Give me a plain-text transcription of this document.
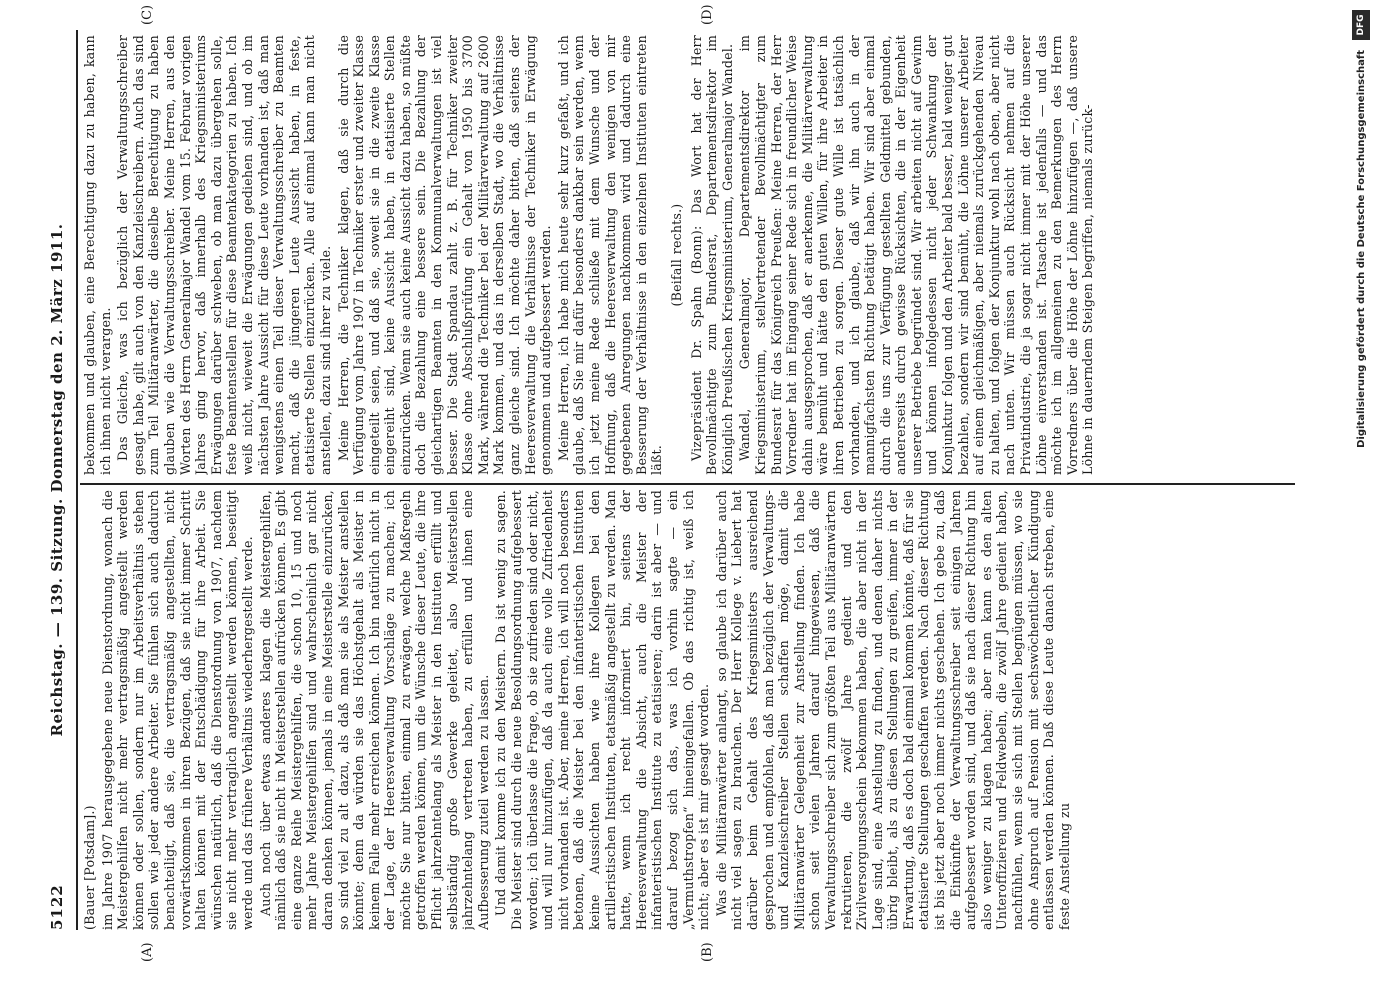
5122
Reichstag. — 139. Sitzung. Donnerstag den 2. März 1911.
(A)	(B)
(C)	(D)

(Bauer [Potsdam].) im Jahre 1907 herausgegebene neue Dienstordnung, wonach die Meistergehilfen nicht mehr vertragsmäßig angestellt werden können oder sollen, sondern nur im Arbeitsverhältnis stehen sollen wie jeder andere Arbeiter. Sie fühlen sich auch dadurch benachteiligt, daß sie, die vertragsmäßig angestellten, nicht vorwärtskommen in ihren Bezügen, daß sie nicht immer Schritt halten können mit der Entschädigung für ihre Arbeit. Sie wünschen natürlich, daß die Dienstordnung von 1907, nachdem sie nicht mehr vertraglich angestellt werden können, beseitigt werde und das frühere Verhältnis wiederhergestellt werde. Auch noch über etwas anderes klagen die Meistergehilfen, nämlich daß sie nicht in Meisterstellen aufrücken können. Es gibt eine ganze Reihe Meistergehilfen, die schon 10, 15 und noch mehr Jahre Meistergehilfen sind und wahrscheinlich gar nicht daran denken können, jemals in eine Meisterstelle einzurücken, so sind viel zu alt dazu, als daß man sie als Meister anstellen könnte; denn da würden sie das Höchstgehalt als Meister in keinem Falle mehr erreichen können. Ich bin natürlich nicht in der Lage, der Heeresverwaltung Vorschläge zu machen; ich möchte Sie nur bitten, einmal zu erwägen, welche Maßregeln getroffen werden können, um die Wünsche dieser Leute, die ihre Pflicht jahrzehntelang als Meister in den Instituten erfüllt und selbständig große Gewerke geleitet, also Meisterstellen jahrzehntelang vertreten haben, zu erfüllen und ihnen eine Aufbesserung zuteil werden zu lassen. Und damit komme ich zu den Meistern. Da ist wenig zu sagen. Die Meister sind durch die neue Besoldungsordnung aufgebessert worden; ich überlasse die Frage, ob sie zufrieden sind oder nicht, und will nur hinzufügen, daß da auch eine volle Zufriedenheit nicht vorhanden ist. Aber, meine Herren, ich will noch besonders betonen, daß die Meister bei den infanteristischen Instituten keine Aussichten haben wie ihre Kollegen bei den artilleristischen Instituten, etatsmäßig angestellt zu werden. Man hatte, wenn ich recht informiert bin, seitens der Heeresverwaltung die Absicht, auch die Meister der infanteristischen Institute zu etatisieren; darin ist aber — und darauf bezog sich das, was ich vorhin sagte — ein „Vermuthstropfen“ hineingefallen. Ob das richtig ist, weiß ich nicht; aber es ist mir gesagt worden. Was die Militäranwärter anlangt, so glaube ich darüber auch nicht viel sagen zu brauchen. Der Herr Kollege v. Liebert hat darüber beim Gehalt des Kriegsministers ausreichend gesprochen und empfohlen, daß man bezüglich der Verwaltungs- und Kanzleischreiber Stellen schaffen möge, damit die Militäranwärter Gelegenheit zur Anstellung finden. Ich habe schon seit vielen Jahren darauf hingewiesen, daß die Verwaltungsschreiber sich zum größten Teil aus Militäranwärtern rekrutieren, die zwölf Jahre gedient und den Zivilversorgungsschein bekommen haben, die aber nicht in der Lage sind, eine Anstellung zu finden, und denen daher nichts übrig bleibt, als zu diesen Stellungen zu greifen, immer in der Erwartung, daß es doch bald einmal kommen könnte, daß für sie etatisierte Stellungen geschaffen werden. Nach dieser Richtung ist bis jetzt aber noch immer nichts geschehen. Ich gebe zu, daß die Einkünfte der Verwaltungsschreiber seit einigen Jahren aufgebessert worden sind, und daß sie nach dieser Richtung hin also weniger zu klagen haben; aber man kann es den alten Unteroffizieren und Feldwebeln, die zwölf Jahre gedient haben, nachfühlen, wenn sie sich mit Stellen begnügen müssen, wo sie ohne Anspruch auf Pension mit sechswöchentlicher Kündigung entlassen werden können. Daß diese Leute danach streben, eine feste Anstellung zu

bekommen und glauben, eine Berechtigung dazu zu haben, kann ich ihnen nicht verargen. Das Gleiche, was ich bezüglich der Verwaltungsschreiber gesagt habe, gilt auch von den Kanzleischreibern. Auch das sind zum Teil Militäranwärter, die dieselbe Berechtigung zu haben glauben wie die Verwaltungsschreiber. Meine Herren, aus den Worten des Herrn Generalmajor Wandel vom 15. Februar vorigen Jahres ging hervor, daß innerhalb des Kriegsministeriums Erwägungen darüber schweben, ob man dazu übergehen solle, feste Beamtenstellen für diese Beamtenkategorien zu haben. Ich weiß nicht, wieweit die Erwägungen gediehen sind, und ob im nächsten Jahre Aussicht für diese Leute vorhanden ist, daß man wenigstens einen Teil dieser Verwaltungsschreiber zu Beamten macht, daß die jüngeren Leute Aussicht haben, in feste, etatisierte Stellen einzurücken. Alle auf einmal kann man nicht anstellen, dazu sind ihrer zu viele. Meine Herren, die Techniker klagen, daß sie durch die Verfügung vom Jahre 1907 in Techniker erster und zweiter Klasse eingeteilt seien, und daß sie, soweit sie in die zweite Klasse eingereiht sind, keine Aussicht haben, in etatisierte Stellen einzurücken. Wenn sie auch keine Aussicht dazu haben, so müßte doch die Bezahlung eine bessere sein. Die Bezahlung der gleichartigen Beamten in den Kommunalverwaltungen ist viel besser. Die Stadt Spandau zahlt z. B. für Techniker zweiter Klasse ohne Abschlußprüfung ein Gehalt von 1950 bis 3700 Mark, während die Techniker bei der Militärverwaltung auf 2600 Mark kommen, und das in derselben Stadt, wo die Verhältnisse ganz gleiche sind. Ich möchte daher bitten, daß seitens der Heeresverwaltung die Verhältnisse der Techniker in Erwägung genommen und aufgebessert werden. Meine Herren, ich habe mich heute sehr kurz gefaßt, und ich glaube, daß Sie mir dafür besonders dankbar sein werden, wenn ich jetzt meine Rede schließe mit dem Wunsche und der Hoffnung, daß die Heeresverwaltung den wenigen von mir gegebenen Anregungen nachkommen wird und dadurch eine Besserung der Verhältnisse in den einzelnen Instituten eintreten läßt.

(Beifall rechts.) Vizepräsident Dr. Spahn (Bonn): Das Wort hat der Herr Bevollmächtigte zum Bundesrat, Departementsdirektor im Königlich Preußischen Kriegsministerium, Generalmajor Wandel. Wandel, Generalmajor, Departementsdirektor im Kriegsministerium, stellvertretender Bevollmächtigter zum Bundesrat für das Königreich Preußen: Meine Herren, der Herr Vorredner hat im Eingang seiner Rede sich in freundlicher Weise dahin ausgesprochen, daß er anerkenne, die Militärverwaltung wäre bemüht und hätte den guten Willen, für ihre Arbeiter in ihren Betrieben zu sorgen. Dieser gute Wille ist tatsächlich vorhanden, und ich glaube, daß wir ihn auch in der mannigfachsten Richtung betätigt haben. Wir sind aber einmal durch die uns zur Verfügung gestellten Geldmittel gebunden, andererseits durch gewisse Rücksichten, die in der Eigenheit unserer Betriebe begründet sind. Wir arbeiten nicht auf Gewinn und können infolgedessen nicht jeder Schwankung der Konjunktur folgen und den Arbeiter bald besser, bald weniger gut bezahlen, sondern wir sind bemüht, die Löhne unserer Arbeiter auf einem gleichmäßigen, aber niemals zurückgehenden Niveau zu halten, und folgen der Konjunktur wohl nach oben, aber nicht nach unten. Wir müssen auch Rücksicht nehmen auf die Privatindustrie, die ja sogar nicht immer mit der Höhe unserer Löhne einverstanden ist. Tatsache ist jedenfalls — und das möchte ich im allgemeinen zu den Bemerkungen des Herrn Vorredners über die Höhe der Löhne hinzufügen —, daß unsere Löhne in dauerndem Steigen begriffen, niemals zurück-	Digitalisierung gefördert durch die Deutsche Forschungsgemeinschaft
DFG
